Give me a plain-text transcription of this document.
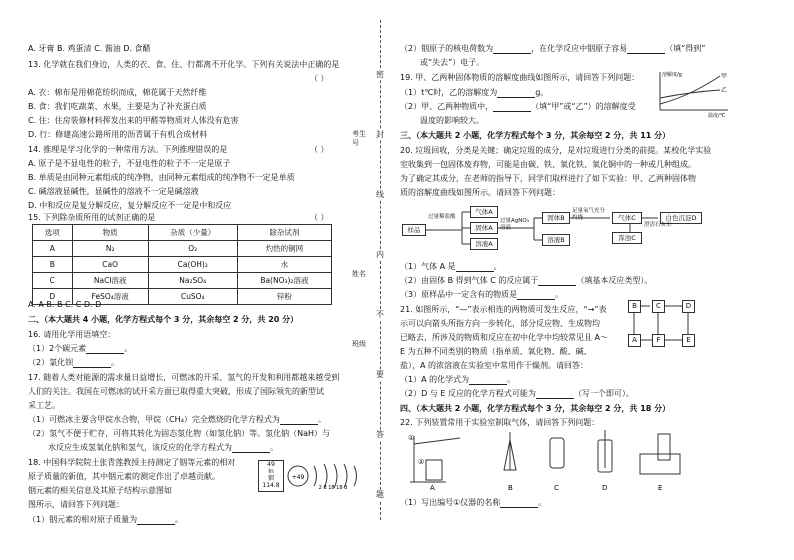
A. 牙膏 B. 鸡蛋清 C. 酱油 D. 食醋
13. 化学就在我们身边，人类的衣、食、住、行都离不开化学。下列有关说法中正确的是
（ ）
A. 衣：棉布是用棉花纺织而成，棉花属于天然纤维
B. 食：我们吃蔬菜、水果，主要是为了补充蛋白质
C. 住：住房装修材料挥发出来的甲醛等物质对人体没有危害
D. 行：修建高速公路所用的沥青属于有机合成材料
14. 推理是学习化学的一种常用方法。下列推理错误的是	（ ）
A. 原子是不显电性的粒子，不显电性的粒子不一定是原子
B. 单质是由同种元素组成的纯净物，由同种元素组成的纯净物不一定是单质
C. 碱溶液显碱性，显碱性的溶液不一定是碱溶液
D. 中和反应是复分解反应，复分解反应不一定是中和反应
15. 下列除杂质所用的试剂正确的是	（ ）
选项	物质	杂质（少量）	除杂试剂
A	N₂	O₂	灼热的铜网
B	CaO	Ca(OH)₂	水
C	NaCl溶液	Na₂SO₄	Ba(NO₃)₂溶液
D	FeSO₄溶液	CuSO₄	锌粉
A. A B. B C. C D. D
二、（本大题共 4 小题，化学方程式每个 3 分，其余每空 2 分，共 20 分）
16. 请用化学用语填空：
（1）2个碳元素	。
（2）氯化钡	。
17. 随着人类对能源的需求量日益增长，可燃冰的开采、氢气的开发和利用都越来越受到
人们的关注。我国在可燃冰的试开采方面已取得重大突破，形成了国际领先的新型试
采工艺。
（1）可燃冰主要含甲烷水合物，甲烷（CH₄）完全燃烧的化学方程式为	。
（2）氢气不便于贮存，可将其转化为固态氢化物（如氢化钠）等。氢化钠（NaH）与
水反应生成氢氧化钠和氢气，该反应的化学方程式为	。
18. 中国科学院院士张青莲教授主持测定了铟等元素的相对
原子质量的新值，其中铟元素的测定作出了卓越贡献。
铟元素的相关信息及其原子结构示意图如
图所示，请回答下列问题：
（1）铟元素的相对原子质量为	。
49
In
铟
114.8
+49
2 8 18 18 3
密
封
线
内
不
要
答
题
考生号
姓名
班级
（2）铟原子的核电荷数为	，在化学反应中铟原子容易	（填“得到”
或“失去”）电子。
19. 甲、乙两种固体物质的溶解度曲线如图所示，请回答下列问题：
（1）t℃时，乙的溶解度为	g。
（2）甲、乙两种物质中，	（填“甲”或“乙”）的溶解度受
温度的影响较大。
甲
乙
溶解度/g
温度/℃
三、（本大题共 2 小题，化学方程式每个 3 分，其余每空 2 分，共 11 分）
20. 垃圾回收，分类是关键；确定垃圾的成分，是对垃圾进行分类的前提。某校化学实验
室收集到一包固体废弃物，可能是由碳、铁、氧化铁、氧化铜中的一种或几种组成。
为了确定其成分，在老师的指导下，同学们取样进行了如下实验：甲、乙两种固体物
质的溶解度曲线如图所示。请回答下列问题：
样品
过量稀盐酸
气体A
固体A
溶液A
过量AgNO₃溶液
固体B
溶液B
足量氧气充分灼烧	气体C
浑浊C
白色沉淀D
澄清石灰水
（1）气体 A 是	。
（2）由固体 B 得到气体 C 的反应属于	（填基本反应类型）。
（3）原样品中一定含有的物质是	。
21. 如图所示，“—”表示相连的两物质可发生反应，“→”表
示可以向箭头所指方向一步转化，部分反应物、生成物均
已略去，所涉及的物质和反应在初中化学中均较常见且 A～
E 为五种不同类别的物质（指单质、氧化物、酸、碱、
盐），A 的浓溶液在实验室中常用作干燥剂。请回答：
（1）A 的化学式为	。
（2）D 与 E 反应的化学方程式可能为	（写一个即可）。
B	C	D
A	F	E
四、（本大题共 2 小题，化学方程式每个 3 分，其余每空 2 分，共 18 分）
22. 下列装置常用于实验室制取气体，请回答下列问题：
①
②
A	B	C	D	E
（1）写出编号①仪器的名称	。
